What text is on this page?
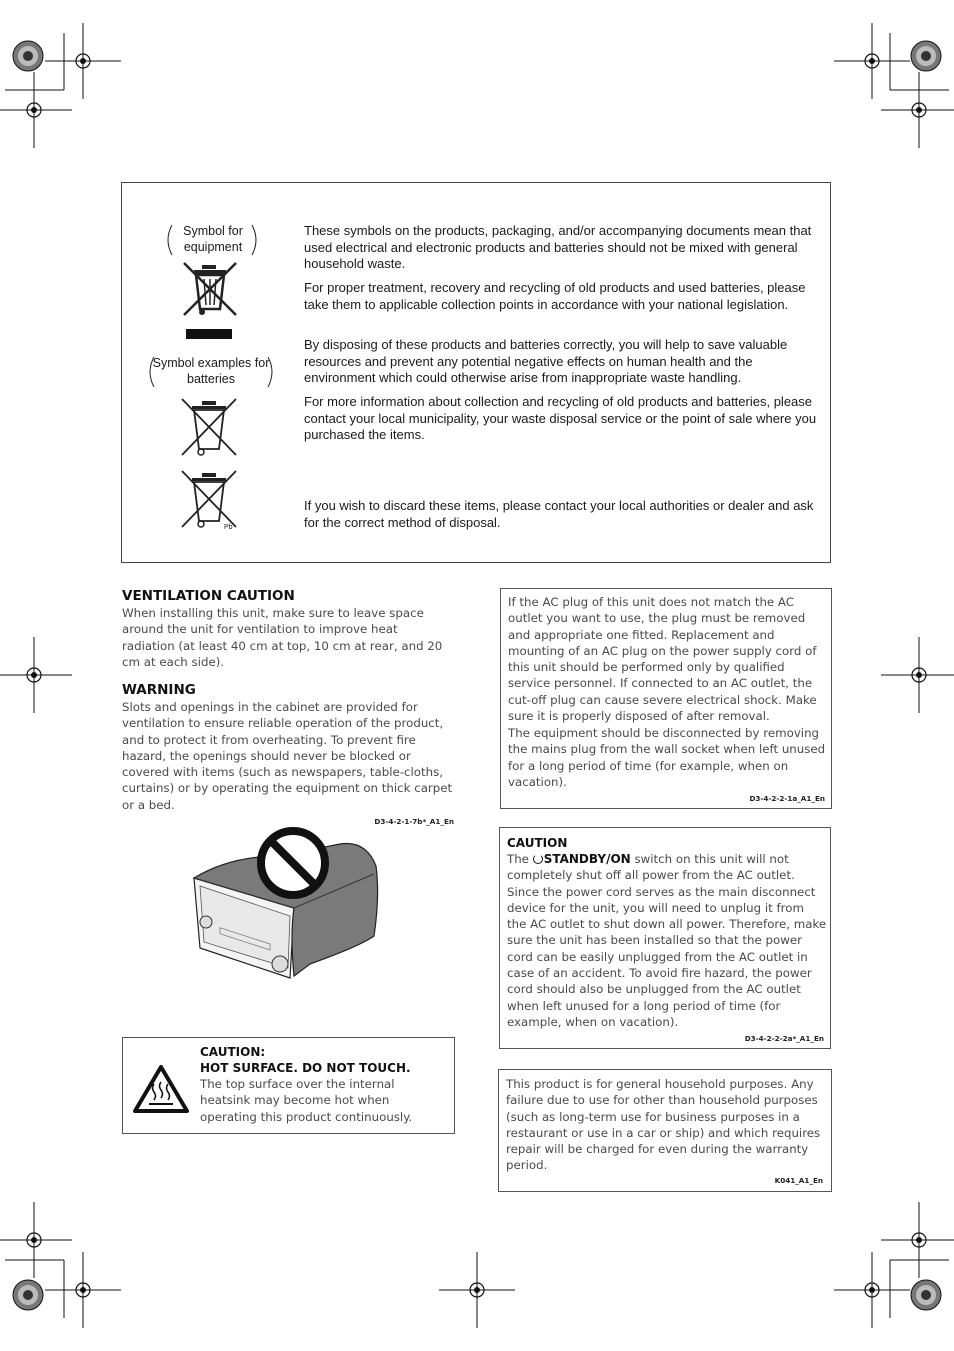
Symbol for equipment
Symbol examples for batteries
Pb

These symbols on the products, packaging, and/or accompanying documents mean that used electrical and electronic products and batteries should not be mixed with general household waste.

For proper treatment, recovery and recycling of old products and used batteries, please take them to applicable collection points in accordance with your national legislation.

By disposing of these products and batteries correctly, you will help to save valuable resources and prevent any potential negative effects on human health and the environment which could otherwise arise from inappropriate waste handling.

For more information about collection and recycling of old products and batteries, please contact your local municipality, your waste disposal service or the point of sale where you purchased the items.

If you wish to discard these items, please contact your local authorities or dealer and ask for the correct method of disposal.

VENTILATION CAUTION

When installing this unit, make sure to leave space around the unit for ventilation to improve heat radiation (at least 40 cm at top, 10 cm at rear, and 20 cm at each side).

WARNING

Slots and openings in the cabinet are provided for ventilation to ensure reliable operation of the product, and to protect it from overheating. To prevent fire hazard, the openings should never be blocked or covered with items (such as newspapers, table-cloths, curtains) or by operating the equipment on thick carpet or a bed.

D3-4-2-1-7b*_A1_En
CAUTION:
HOT SURFACE. DO NOT TOUCH.

The top surface over the internal heatsink may become hot when operating this product continuously.

If the AC plug of this unit does not match the AC outlet you want to use, the plug must be removed and appropriate one fitted. Replacement and mounting of an AC plug on the power supply cord of this unit should be performed only by qualified service personnel. If connected to an AC outlet, the cut-off plug can cause severe electrical shock. Make sure it is properly disposed of after removal.

The equipment should be disconnected by removing the mains plug from the wall socket when left unused for a long period of time (for example, when on vacation).

D3-4-2-2-1a_A1_En
CAUTION

The STANDBY/ON switch on this unit will not completely shut off all power from the AC outlet. Since the power cord serves as the main disconnect device for the unit, you will need to unplug it from the AC outlet to shut down all power. Therefore, make sure the unit has been installed so that the power cord can be easily unplugged from the AC outlet in case of an accident. To avoid fire hazard, the power cord should also be unplugged from the AC outlet when left unused for a long period of time (for example, when on vacation).

D3-4-2-2-2a*_A1_En

This product is for general household purposes. Any failure due to use for other than household purposes (such as long-term use for business purposes in a restaurant or use in a car or ship) and which requires repair will be charged for even during the warranty period.

K041_A1_En
